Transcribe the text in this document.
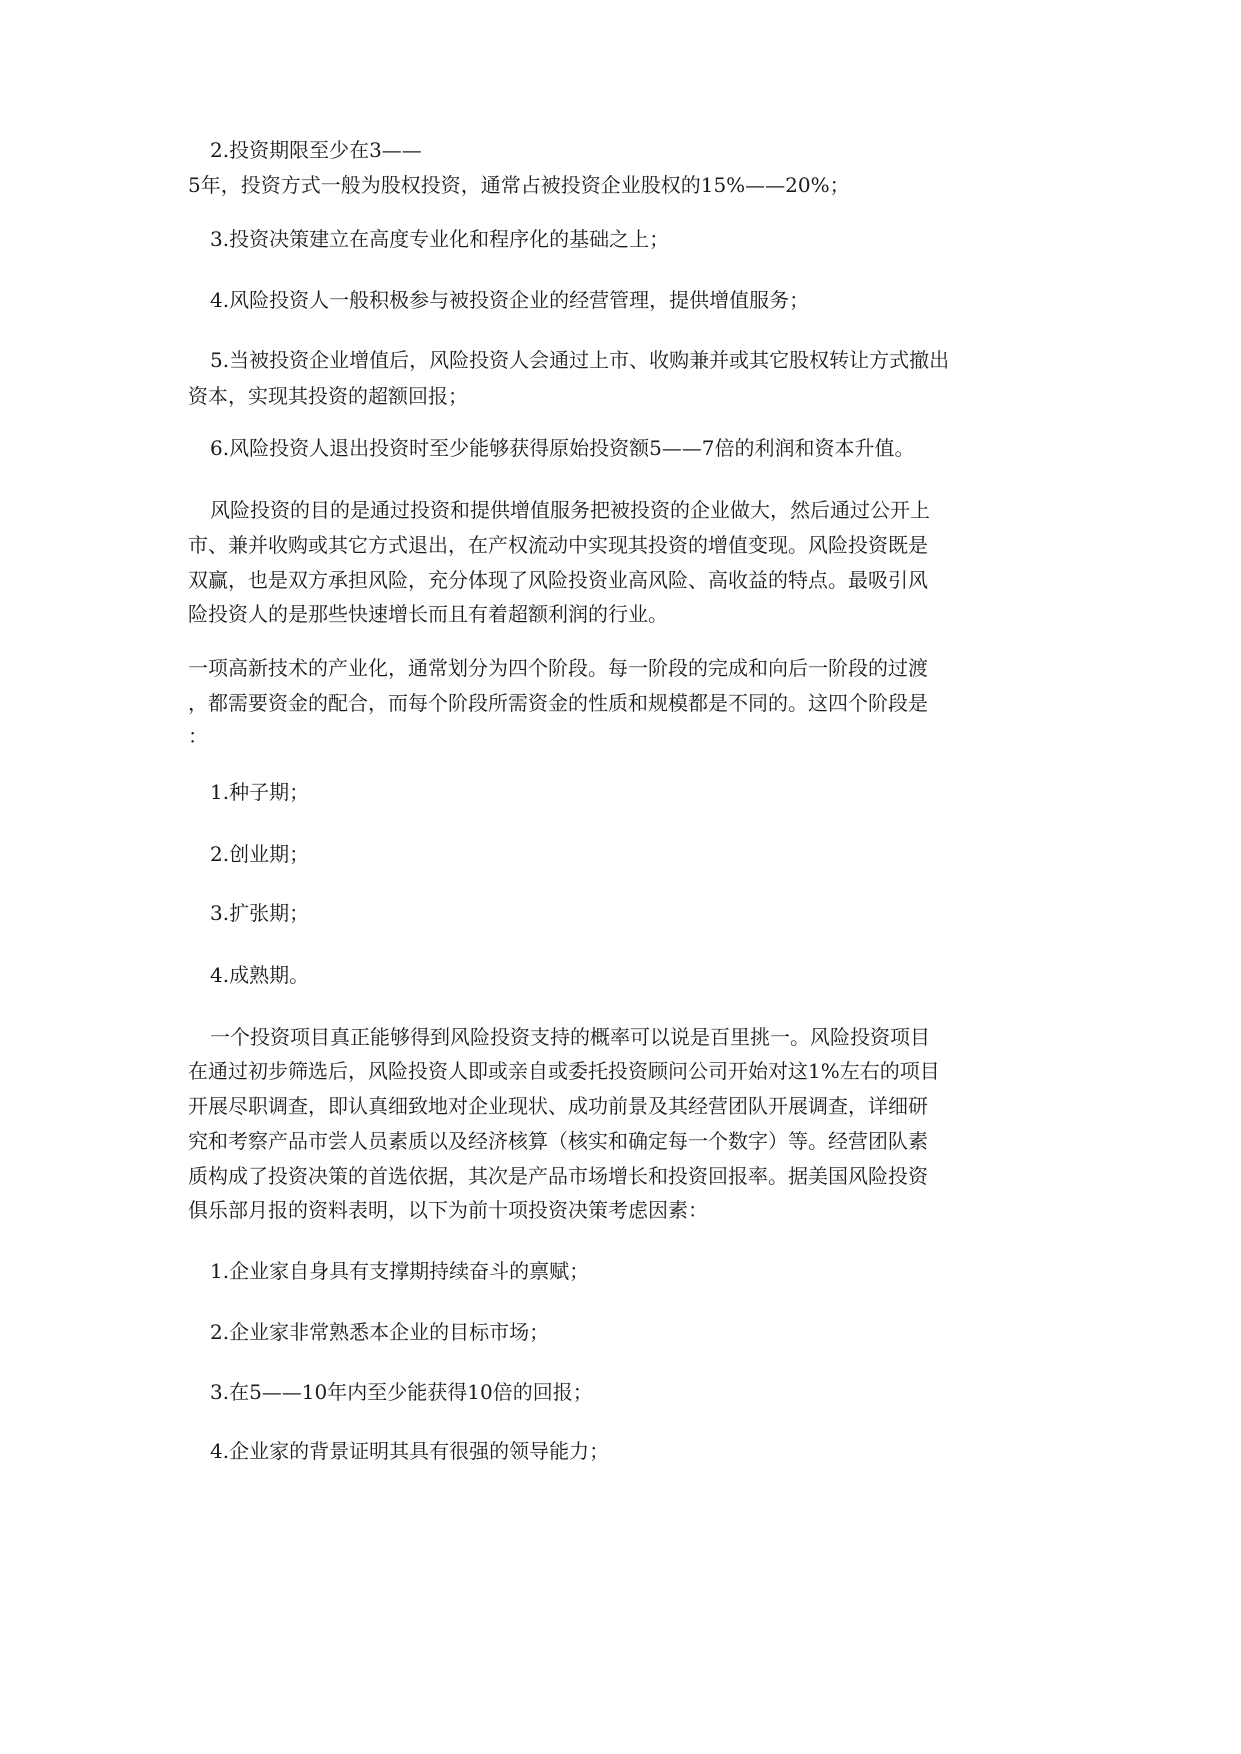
2.投资期限至少在3——

5年，投资方式一般为股权投资，通常占被投资企业股权的15%——20%；

3.投资决策建立在高度专业化和程序化的基础之上；

4.风险投资人一般积极参与被投资企业的经营管理，提供增值服务；

5.当被投资企业增值后，风险投资人会通过上市、收购兼并或其它股权转让方式撤出

资本，实现其投资的超额回报；

6.风险投资人退出投资时至少能够获得原始投资额5——7倍的利润和资本升值。

风险投资的目的是通过投资和提供增值服务把被投资的企业做大，然后通过公开上

市、兼并收购或其它方式退出，在产权流动中实现其投资的增值变现。风险投资既是

双赢，也是双方承担风险，充分体现了风险投资业高风险、高收益的特点。最吸引风

险投资人的是那些快速增长而且有着超额利润的行业。

一项高新技术的产业化，通常划分为四个阶段。每一阶段的完成和向后一阶段的过渡

，都需要资金的配合，而每个阶段所需资金的性质和规模都是不同的。这四个阶段是

：

1.种子期；

2.创业期；

3.扩张期；

4.成熟期。

一个投资项目真正能够得到风险投资支持的概率可以说是百里挑一。风险投资项目

在通过初步筛选后，风险投资人即或亲自或委托投资顾问公司开始对这1%左右的项目

开展尽职调查，即认真细致地对企业现状、成功前景及其经营团队开展调查，详细研

究和考察产品市尝人员素质以及经济核算（核实和确定每一个数字）等。经营团队素

质构成了投资决策的首选依据，其次是产品市场增长和投资回报率。据美国风险投资

俱乐部月报的资料表明，以下为前十项投资决策考虑因素：

1.企业家自身具有支撑期持续奋斗的禀赋；

2.企业家非常熟悉本企业的目标市场；

3.在5——10年内至少能获得10倍的回报；

4.企业家的背景证明其具有很强的领导能力；
